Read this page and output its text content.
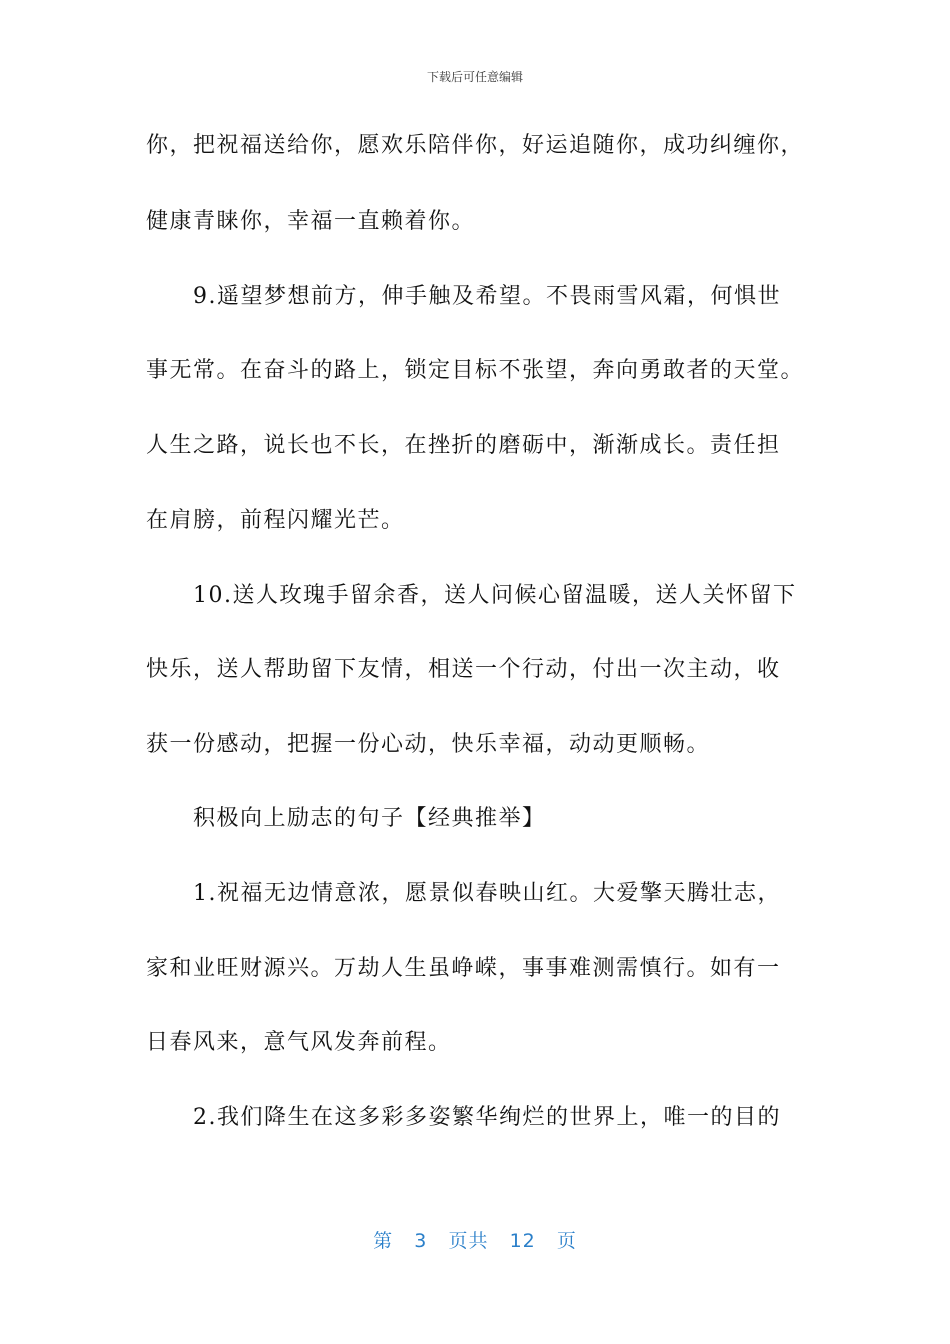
下载后可任意编辑
你，把祝福送给你，愿欢乐陪伴你，好运追随你，成功纠缠你，
健康青睐你，幸福一直赖着你。
9.遥望梦想前方，伸手触及希望。不畏雨雪风霜，何惧世
事无常。在奋斗的路上，锁定目标不张望，奔向勇敢者的天堂。
人生之路，说长也不长，在挫折的磨砺中，渐渐成长。责任担
在肩膀，前程闪耀光芒。
10.送人玫瑰手留余香，送人问候心留温暖，送人关怀留下
快乐，送人帮助留下友情，相送一个行动，付出一次主动，收
获一份感动，把握一份心动，快乐幸福，动动更顺畅。
积极向上励志的句子【经典推举】
1.祝福无边情意浓，愿景似春映山红。大爱擎天腾壮志，
家和业旺财源兴。万劫人生虽峥嵘，事事难测需慎行。如有一
日春风来，意气风发奔前程。
2.我们降生在这多彩多姿繁华绚烂的世界上，唯一的目的
第 3 页共 12 页
